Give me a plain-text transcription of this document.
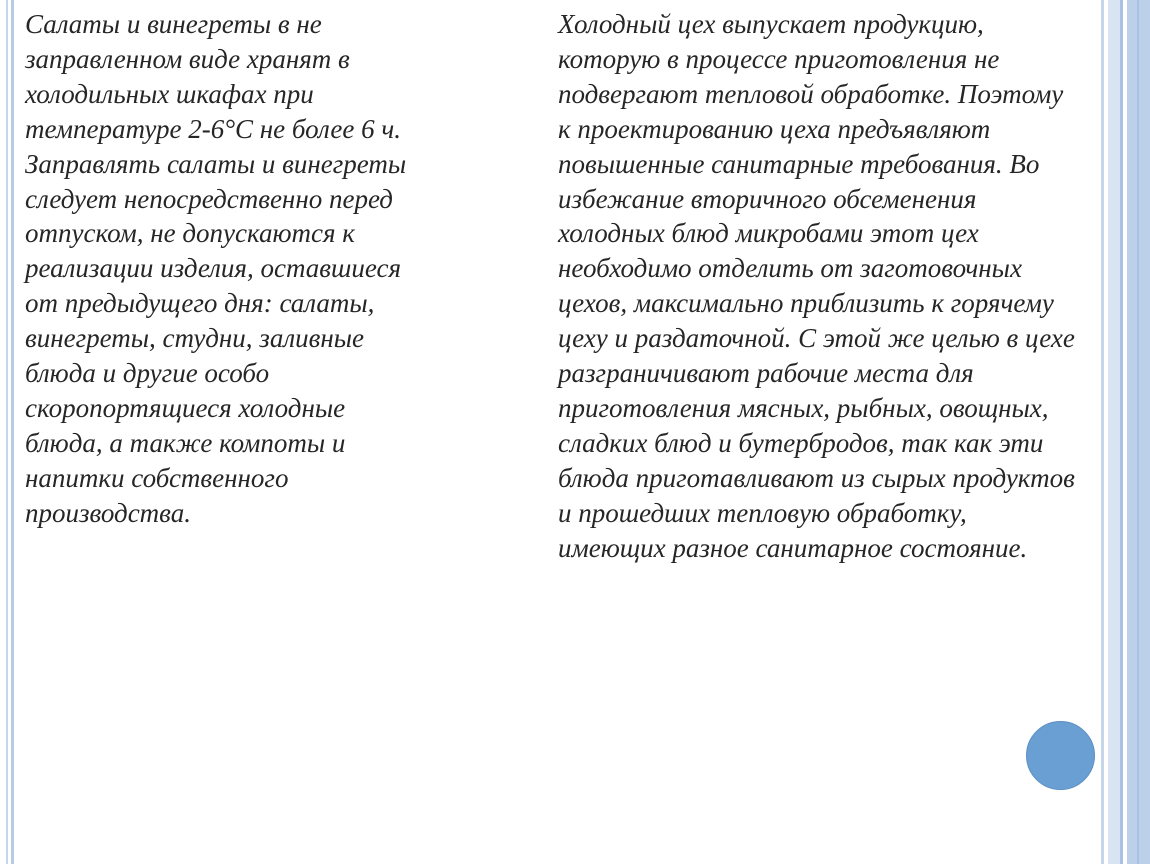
Салаты и винегреты в не
заправленном виде хранят в
холодильных шкафах при
температуре 2-6°С не более 6 ч.
Заправлять салаты и винегреты
следует непосредственно перед
отпуском, не допускаются к
реализации изделия, оставшиеся
от предыдущего дня: салаты,
винегреты, студни, заливные
блюда и другие особо
скоропортящиеся холодные
блюда, а также компоты и
напитки собственного
производства.

Холодный цех выпускает продукцию,
которую в процессе приготовления не
подвергают тепловой обработке. Поэтому
к проектированию цеха предъявляют
повышенные санитарные требования. Во
избежание вторичного обсеменения
холодных блюд микробами этот цех
необходимо отделить от заготовочных
цехов, максимально приблизить к горячему
цеху и раздаточной. С этой же целью в цехе
разграничивают рабочие места для
приготовления мясных, рыбных, овощных,
сладких блюд и бутербродов, так как эти
блюда приготавливают из сырых продуктов
и прошедших тепловую обработку,
имеющих разное санитарное состояние.
